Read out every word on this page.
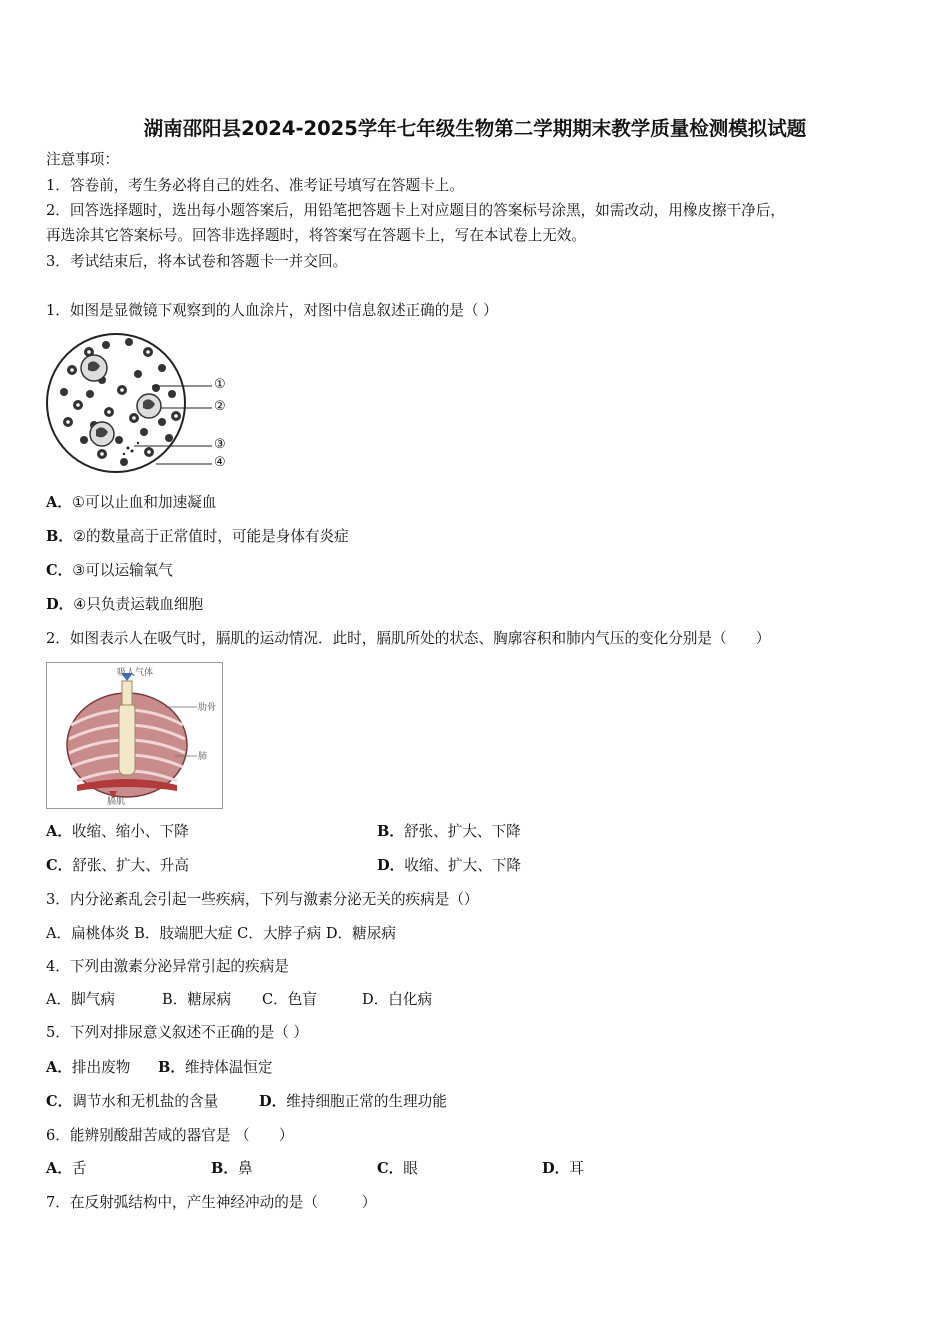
湖南邵阳县2024-2025学年七年级生物第二学期期末教学质量检测模拟试题
注意事项：
1．答卷前，考生务必将自己的姓名、准考证号填写在答题卡上。
2．回答选择题时，选出每小题答案后，用铅笔把答题卡上对应题目的答案标号涂黑，如需改动，用橡皮擦干净后，
再选涂其它答案标号。回答非选择题时，将答案写在答题卡上，写在本试卷上无效。
3．考试结束后，将本试卷和答题卡一并交回。
1．如图是显微镜下观察到的人血涂片，对图中信息叙述正确的是（ ）
①
②
③
④
A．①可以止血和加速凝血
B．②的数量高于正常值时，可能是身体有炎症
C．③可以运输氧气
D．④只负责运载血细胞
2．如图表示人在吸气时，膈肌的运动情况．此时，膈肌所处的状态、胸廓容积和肺内气压的变化分别是（　　）
吸人气体
肋骨
肺
膈肌
A．收缩、缩小、下降	B．舒张、扩大、下降
C．舒张、扩大、升高	D．收缩、扩大、下降
3．内分泌紊乱会引起一些疾病，下列与激素分泌无关的疾病是（）
A．扁桃体炎 B．肢端肥大症 C．大脖子病 D．糖尿病
4．下列由激素分泌异常引起的疾病是
A．脚气病	B．糖尿病 C．色盲	D．白化病
5．下列对排尿意义叙述不正确的是（ ）
A．排出废物 B．维持体温恒定
C．调节水和无机盐的含量	D．维持细胞正常的生理功能
6．能辨别酸甜苦咸的器官是 （　　）
A．舌	B．鼻	C．眼	D．耳
7．在反射弧结构中，产生神经冲动的是（　　　）
